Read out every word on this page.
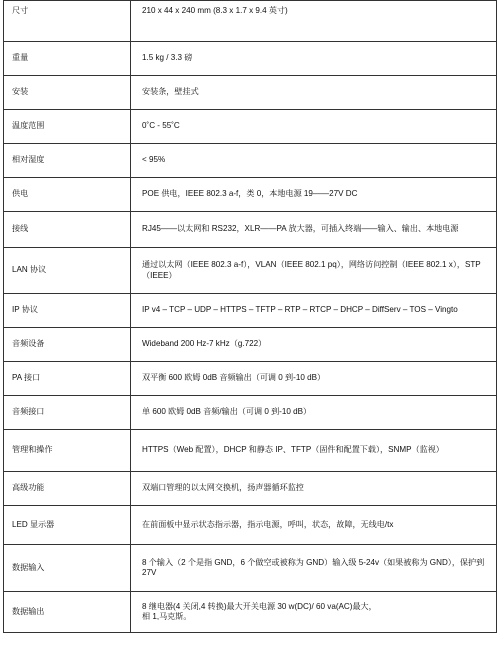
尺寸	210 x 44 x 240 mm (8.3 x 1.7 x 9.4 英寸)
重量	1.5 kg / 3.3 磅
安装	安装条，壁挂式
温度范围	0˚C - 55˚C
相对湿度	< 95%
供电	POE 供电，IEEE 802.3 a-f，类 0，本地电源 19——27V DC
接线	RJ45——以太网和 RS232，XLR——PA 放大器，可插入终端——输入、输出、本地电源
LAN 协议	通过以太网（IEEE 802.3 a-f），VLAN（IEEE 802.1 pq），网络访问控制（IEEE 802.1 x），STP（IEEE）
IP 协议	IP v4 – TCP – UDP – HTTPS – TFTP – RTP – RTCP – DHCP – DiffServ – TOS – Vingto
音频设备	Wideband 200 Hz-7 kHz（g.722）
PA 接口	双平衡 600 欧姆 0dB 音频输出（可调 0 到-10 dB）
音频接口	单 600 欧姆 0dB 音频/输出（可调 0 到-10 dB）
管理和操作	HTTPS（Web 配置），DHCP 和静态 IP、TFTP（固件和配置下载），SNMP（监视）
高级功能	双端口管理的以太网交换机，扬声器循环监控
LED 显示器	在前面板中显示状态指示器，指示电源，呼叫，状态，故障，无线电/tx
数据输入	8 个输入（2 个是指 GND，6 个做空或被称为 GND）输入级 5-24v（如果被称为 GND），保护到 27V
数据输出	8 继电器(4 关闭,4 转换)最大开关电源 30 w(DC)/ 60 va(AC)最大，
相 1,马克斯。
